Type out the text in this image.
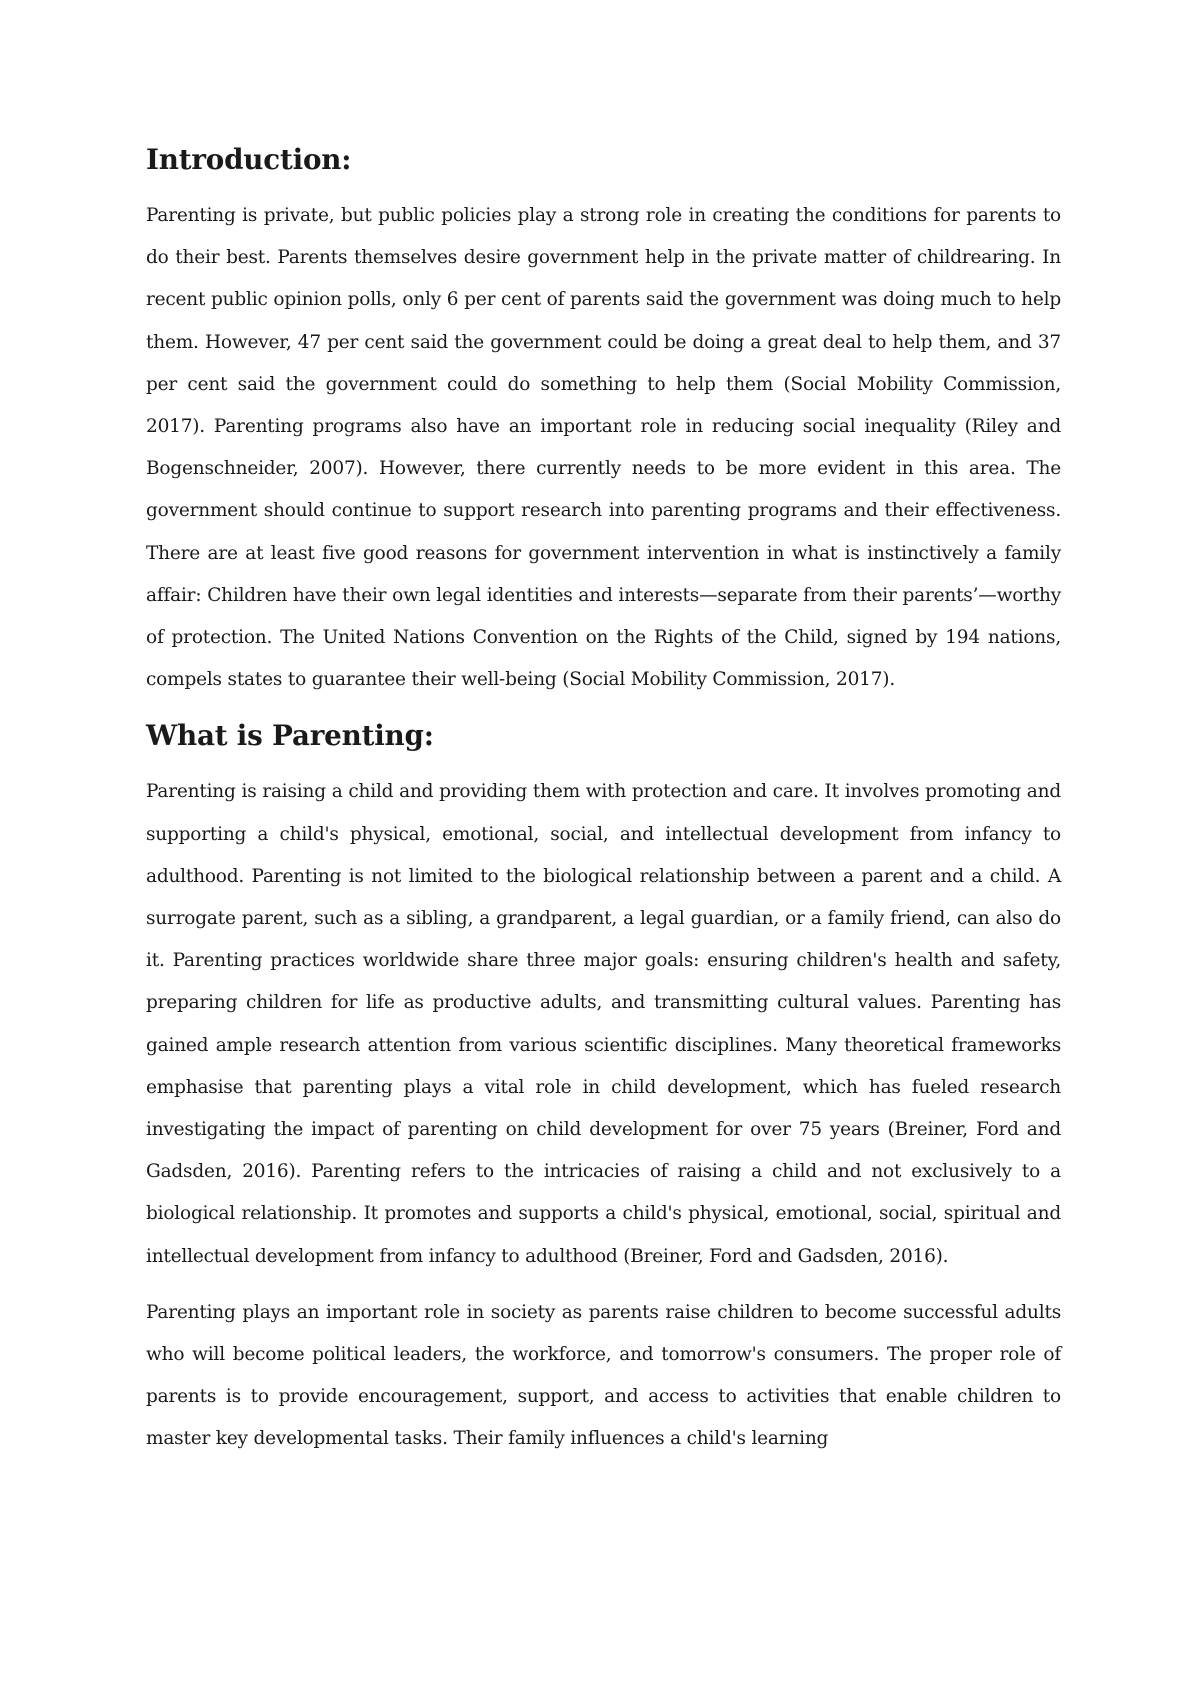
Introduction:

Parenting is private, but public policies play a strong role in creating the conditions for parents to do their best. Parents themselves desire government help in the private matter of childrearing. In recent public opinion polls, only 6 per cent of parents said the government was doing much to help them. However, 47 per cent said the government could be doing a great deal to help them, and 37 per cent said the government could do something to help them (Social Mobility Commission, 2017). Parenting programs also have an important role in reducing social inequality (Riley and Bogenschneider, 2007). However, there currently needs to be more evident in this area. The government should continue to support research into parenting programs and their effectiveness. There are at least five good reasons for government intervention in what is instinctively a family affair: Children have their own legal identities and interests—separate from their parents’—worthy of protection. The United Nations Convention on the Rights of the Child, signed by 194 nations, compels states to guarantee their well-being (Social Mobility Commission, 2017).

What is Parenting:

Parenting is raising a child and providing them with protection and care. It involves promoting and supporting a child's physical, emotional, social, and intellectual development from infancy to adulthood. Parenting is not limited to the biological relationship between a parent and a child. A surrogate parent, such as a sibling, a grandparent, a legal guardian, or a family friend, can also do it. Parenting practices worldwide share three major goals: ensuring children's health and safety, preparing children for life as productive adults, and transmitting cultural values. Parenting has gained ample research attention from various scientific disciplines. Many theoretical frameworks emphasise that parenting plays a vital role in child development, which has fueled research investigating the impact of parenting on child development for over 75 years (Breiner, Ford and Gadsden, 2016). Parenting refers to the intricacies of raising a child and not exclusively to a biological relationship. It promotes and supports a child's physical, emotional, social, spiritual and intellectual development from infancy to adulthood (Breiner, Ford and Gadsden, 2016).

Parenting plays an important role in society as parents raise children to become successful adults who will become political leaders, the workforce, and tomorrow's consumers. The proper role of parents is to provide encouragement, support, and access to activities that enable children to master key developmental tasks. Their family influences a child's learning
